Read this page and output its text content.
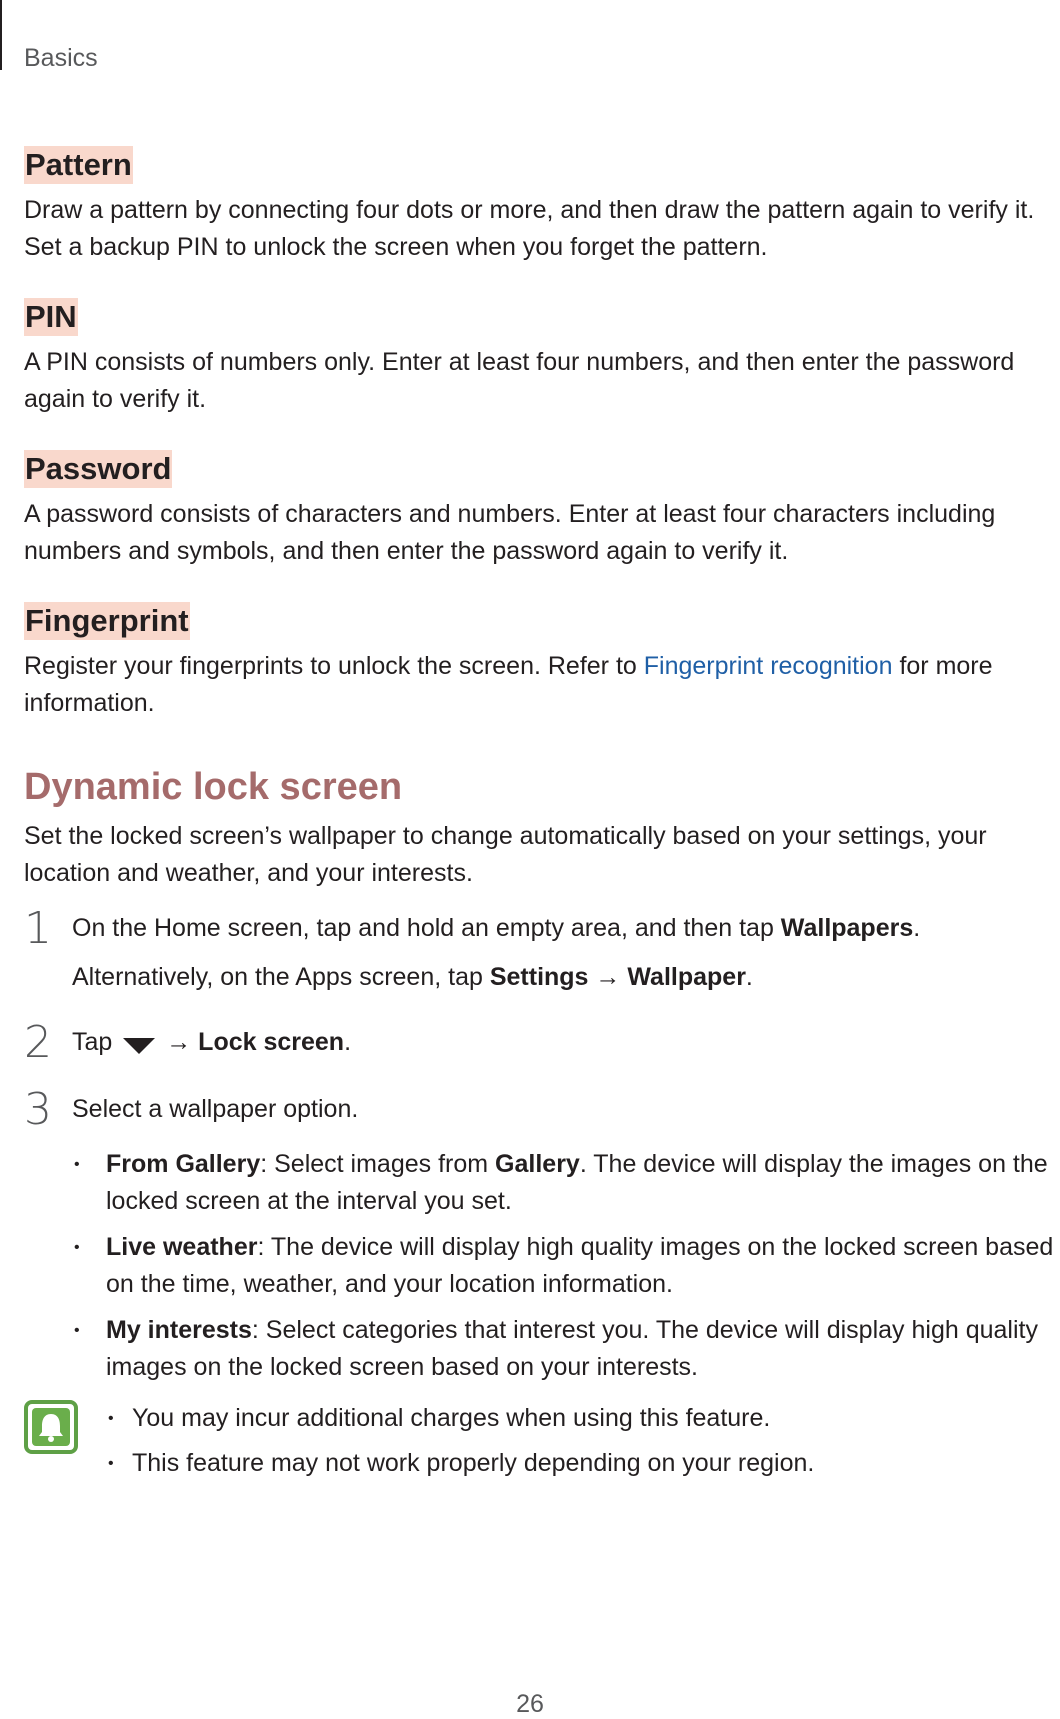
Basics
Pattern

Draw a pattern by connecting four dots or more, and then draw the pattern again to verify it. Set a backup PIN to unlock the screen when you forget the pattern.

PIN

A PIN consists of numbers only. Enter at least four numbers, and then enter the password again to verify it.

Password

A password consists of characters and numbers. Enter at least four characters including numbers and symbols, and then enter the password again to verify it.

Fingerprint

Register your fingerprints to unlock the screen. Refer to Fingerprint recognition for more information.

Dynamic lock screen

Set the locked screen’s wallpaper to change automatically based on your settings, your location and weather, and your interests.

1 On the Home screen, tap and hold an empty area, and then tap Wallpapers.
Alternatively, on the Apps screen, tap Settings → Wallpaper.
2 Tap  → Lock screen.
3 Select a wallpaper option.
• From Gallery: Select images from Gallery. The device will display the images on the locked screen at the interval you set.
• Live weather: The device will display high quality images on the locked screen based on the time, weather, and your location information.
• My interests: Select categories that interest you. The device will display high quality images on the locked screen based on your interests.
• You may incur additional charges when using this feature.
• This feature may not work properly depending on your region.
26
